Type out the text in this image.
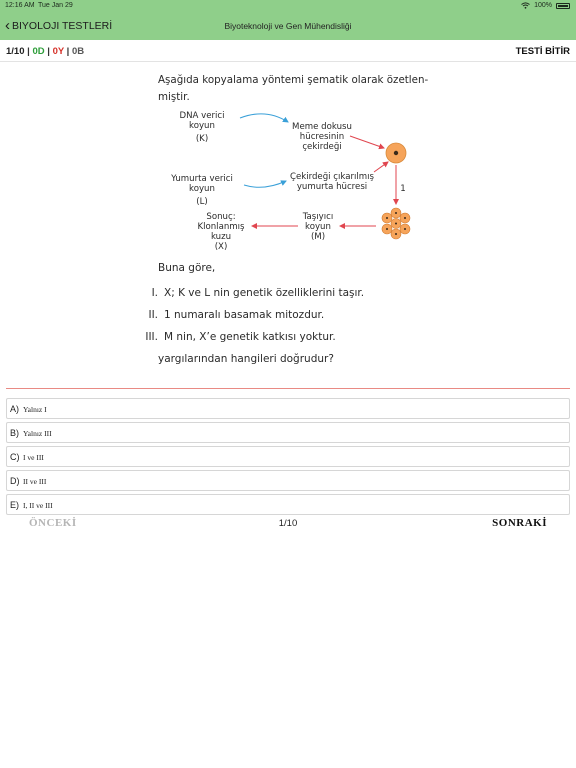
12:16 AM Tue Jan 29	100%
‹ BIYOLOJI TESTLERİ	Biyoteknoloji ve Gen Mühendisliği
1/10 | 0D | 0Y | 0B	TESTİ BİTİR
Aşağıda kopyalama yöntemi şematik olarak özetlen-
miştir.
DNA verici
koyun
(K)
Meme dokusu
hücresinin
çekirdeği
Yumurta verici
koyun
(L)
Çekirdeği çıkarılmış
yumurta hücresi	1
Taşıyıcı
koyun
(M)
Sonuç:
Klonlanmış
kuzu
(X)
Buna göre,
I. X; K ve L nin genetik özelliklerini taşır.
II. 1 numaralı basamak mitozdur.
III. M nin, X’e genetik katkısı yoktur.
yargılarından hangileri doğrudur?
A) Yalnız I
B) Yalnız III
C) I ve III
D) II ve III
E) I, II ve III
ÖNCEKİ	1/10	SONRAKİ
